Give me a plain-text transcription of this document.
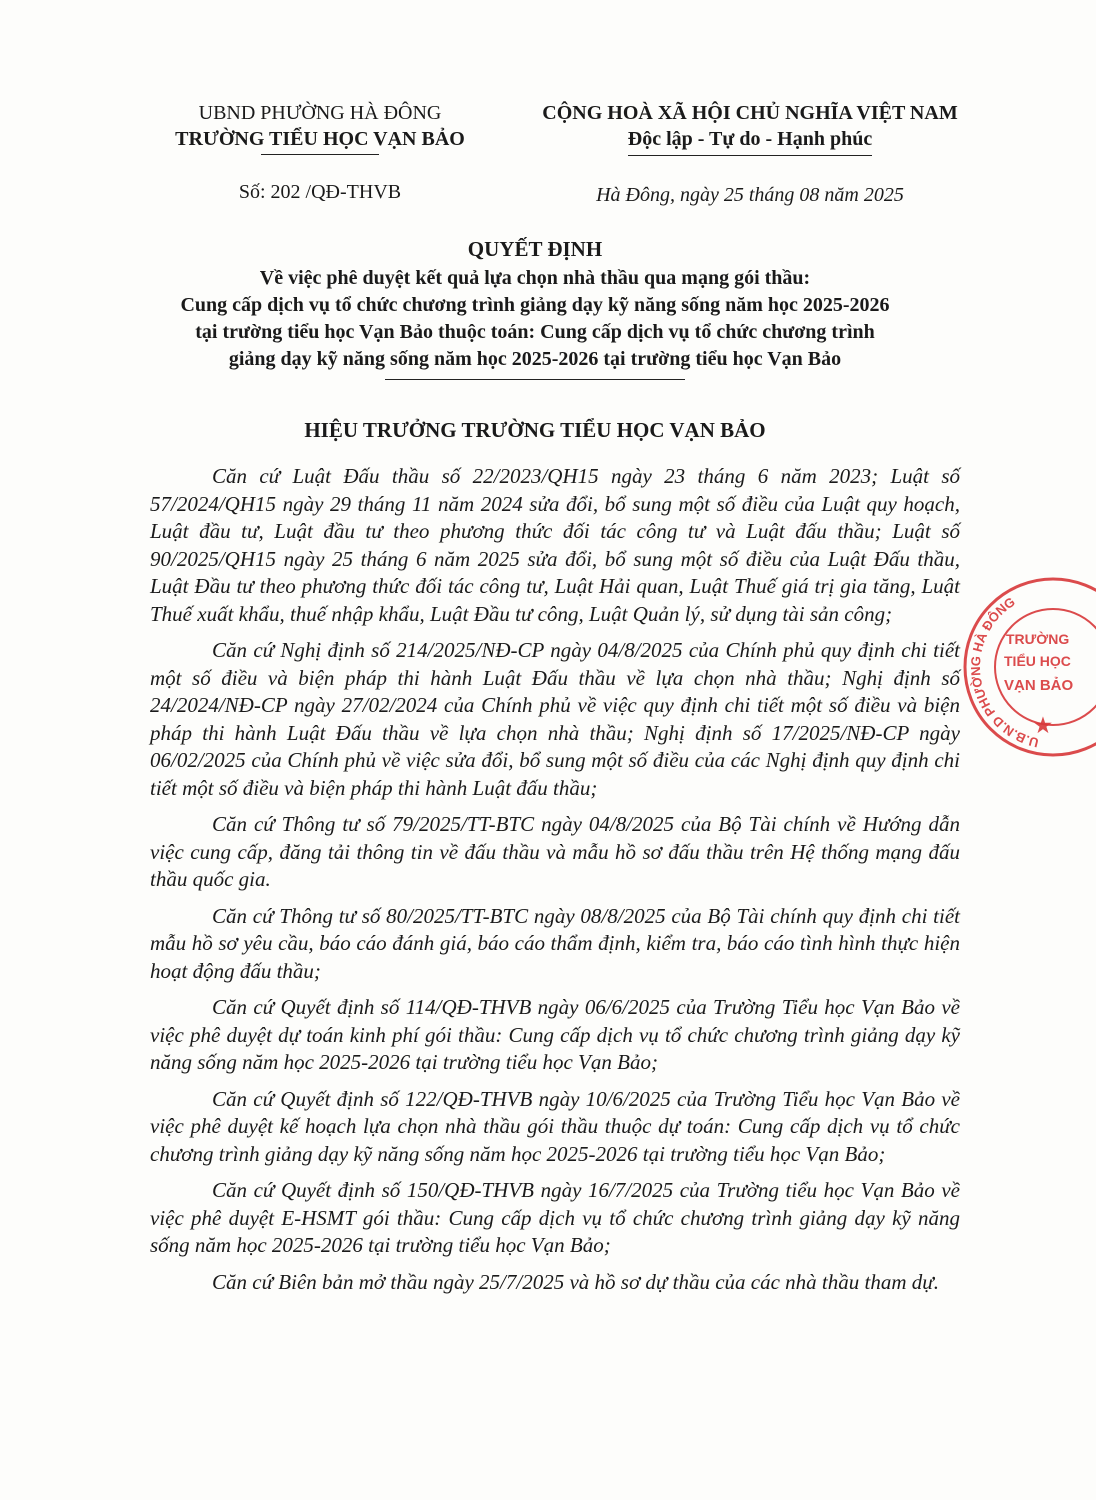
UBND PHƯỜNG HÀ ĐÔNG
TRƯỜNG TIỂU HỌC VẠN BẢO
Số: 202 /QĐ-THVB
CỘNG HOÀ XÃ HỘI CHỦ NGHĨA VIỆT NAM
Độc lập - Tự do - Hạnh phúc
Hà Đông, ngày 25 tháng 08 năm 2025
QUYẾT ĐỊNH
Về việc phê duyệt kết quả lựa chọn nhà thầu qua mạng gói thầu:
Cung cấp dịch vụ tổ chức chương trình giảng dạy kỹ năng sống năm học 2025-2026
tại trường tiểu học Vạn Bảo thuộc toán: Cung cấp dịch vụ tổ chức chương trình
giảng dạy kỹ năng sống năm học 2025-2026 tại trường tiểu học Vạn Bảo
HIỆU TRƯỞNG TRƯỜNG TIỂU HỌC VẠN BẢO

Căn cứ Luật Đấu thầu số 22/2023/QH15 ngày 23 tháng 6 năm 2023; Luật số 57/2024/QH15 ngày 29 tháng 11 năm 2024 sửa đổi, bổ sung một số điều của Luật quy hoạch, Luật đầu tư, Luật đầu tư theo phương thức đối tác công tư và Luật đấu thầu; Luật số 90/2025/QH15 ngày 25 tháng 6 năm 2025 sửa đổi, bổ sung một số điều của Luật Đấu thầu, Luật Đầu tư theo phương thức đối tác công tư, Luật Hải quan, Luật Thuế giá trị gia tăng, Luật Thuế xuất khẩu, thuế nhập khẩu, Luật Đầu tư công, Luật Quản lý, sử dụng tài sản công;

Căn cứ Nghị định số 214/2025/NĐ-CP ngày 04/8/2025 của Chính phủ quy định chi tiết một số điều và biện pháp thi hành Luật Đấu thầu về lựa chọn nhà thầu; Nghị định số 24/2024/NĐ-CP ngày 27/02/2024 của Chính phủ về việc quy định chi tiết một số điều và biện pháp thi hành Luật Đấu thầu về lựa chọn nhà thầu; Nghị định số 17/2025/NĐ-CP ngày 06/02/2025 của Chính phủ về việc sửa đổi, bổ sung một số điều của các Nghị định quy định chi tiết một số điều và biện pháp thi hành Luật đấu thầu;

Căn cứ Thông tư số 79/2025/TT-BTC ngày 04/8/2025 của Bộ Tài chính về Hướng dẫn việc cung cấp, đăng tải thông tin về đấu thầu và mẫu hồ sơ đấu thầu trên Hệ thống mạng đấu thầu quốc gia.

Căn cứ Thông tư số 80/2025/TT-BTC ngày 08/8/2025 của Bộ Tài chính quy định chi tiết mẫu hồ sơ yêu cầu, báo cáo đánh giá, báo cáo thẩm định, kiểm tra, báo cáo tình hình thực hiện hoạt động đấu thầu;

Căn cứ Quyết định số 114/QĐ-THVB ngày 06/6/2025 của Trường Tiểu học Vạn Bảo về việc phê duyệt dự toán kinh phí gói thầu: Cung cấp dịch vụ tổ chức chương trình giảng dạy kỹ năng sống năm học 2025-2026 tại trường tiểu học Vạn Bảo;

Căn cứ Quyết định số 122/QĐ-THVB ngày 10/6/2025 của Trường Tiểu học Vạn Bảo về việc phê duyệt kế hoạch lựa chọn nhà thầu gói thầu thuộc dự toán: Cung cấp dịch vụ tổ chức chương trình giảng dạy kỹ năng sống năm học 2025-2026 tại trường tiểu học Vạn Bảo;

Căn cứ Quyết định số 150/QĐ-THVB ngày 16/7/2025 của Trường tiểu học Vạn Bảo về việc phê duyệt E-HSMT gói thầu: Cung cấp dịch vụ tổ chức chương trình giảng dạy kỹ năng sống năm học 2025-2026 tại trường tiểu học Vạn Bảo;

Căn cứ Biên bản mở thầu ngày 25/7/2025 và hồ sơ dự thầu của các nhà thầu tham dự.

U.B.N.D PHƯỜNG HÀ ĐÔNG
TRƯỜNG
TIỂU HỌC
VẠN BẢO
★
